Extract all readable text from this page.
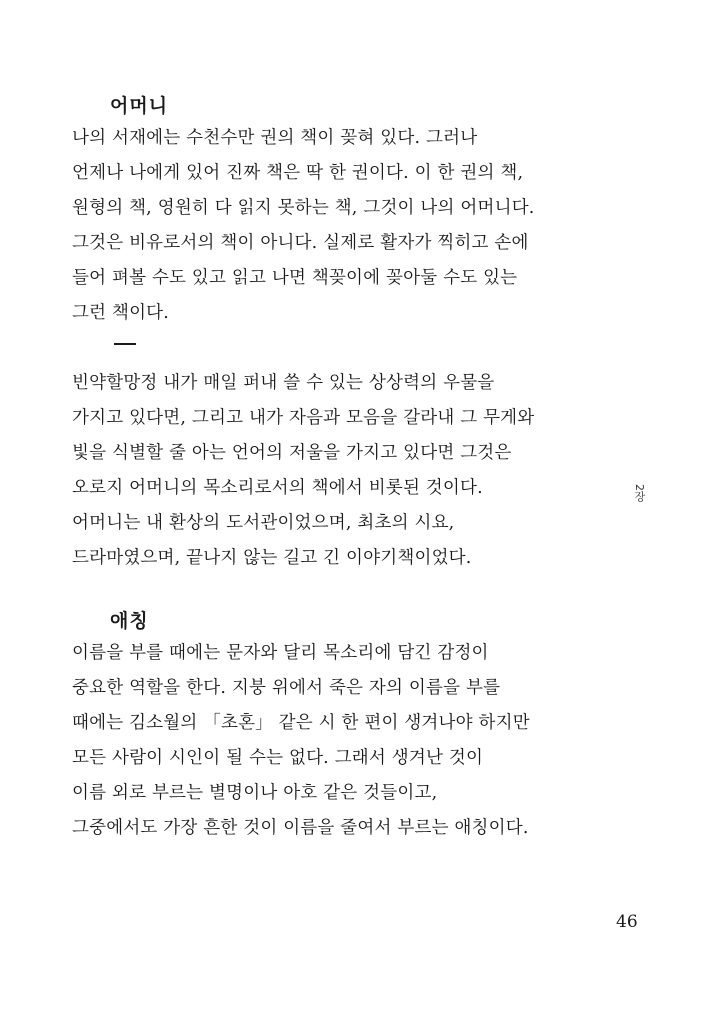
어머니
나의 서재에는 수천수만 권의 책이 꽂혀 있다. 그러나
언제나 나에게 있어 진짜 책은 딱 한 권이다. 이 한 권의 책,
원형의 책, 영원히 다 읽지 못하는 책, 그것이 나의 어머니다.
그것은 비유로서의 책이 아니다. 실제로 활자가 찍히고 손에
들어 펴볼 수도 있고 읽고 나면 책꽂이에 꽂아둘 수도 있는
그런 책이다.
빈약할망정 내가 매일 퍼내 쓸 수 있는 상상력의 우물을
가지고 있다면, 그리고 내가 자음과 모음을 갈라내 그 무게와
빛을 식별할 줄 아는 언어의 저울을 가지고 있다면 그것은
오로지 어머니의 목소리로서의 책에서 비롯된 것이다.
어머니는 내 환상의 도서관이었으며, 최초의 시요,
드라마였으며, 끝나지 않는 길고 긴 이야기책이었다.
애칭
이름을 부를 때에는 문자와 달리 목소리에 담긴 감정이
중요한 역할을 한다. 지붕 위에서 죽은 자의 이름을 부를
때에는 김소월의 「초혼」 같은 시 한 편이 생겨나야 하지만
모든 사람이 시인이 될 수는 없다. 그래서 생겨난 것이
이름 외로 부르는 별명이나 아호 같은 것들이고,
그중에서도 가장 흔한 것이 이름을 줄여서 부르는 애칭이다.
2장
46
